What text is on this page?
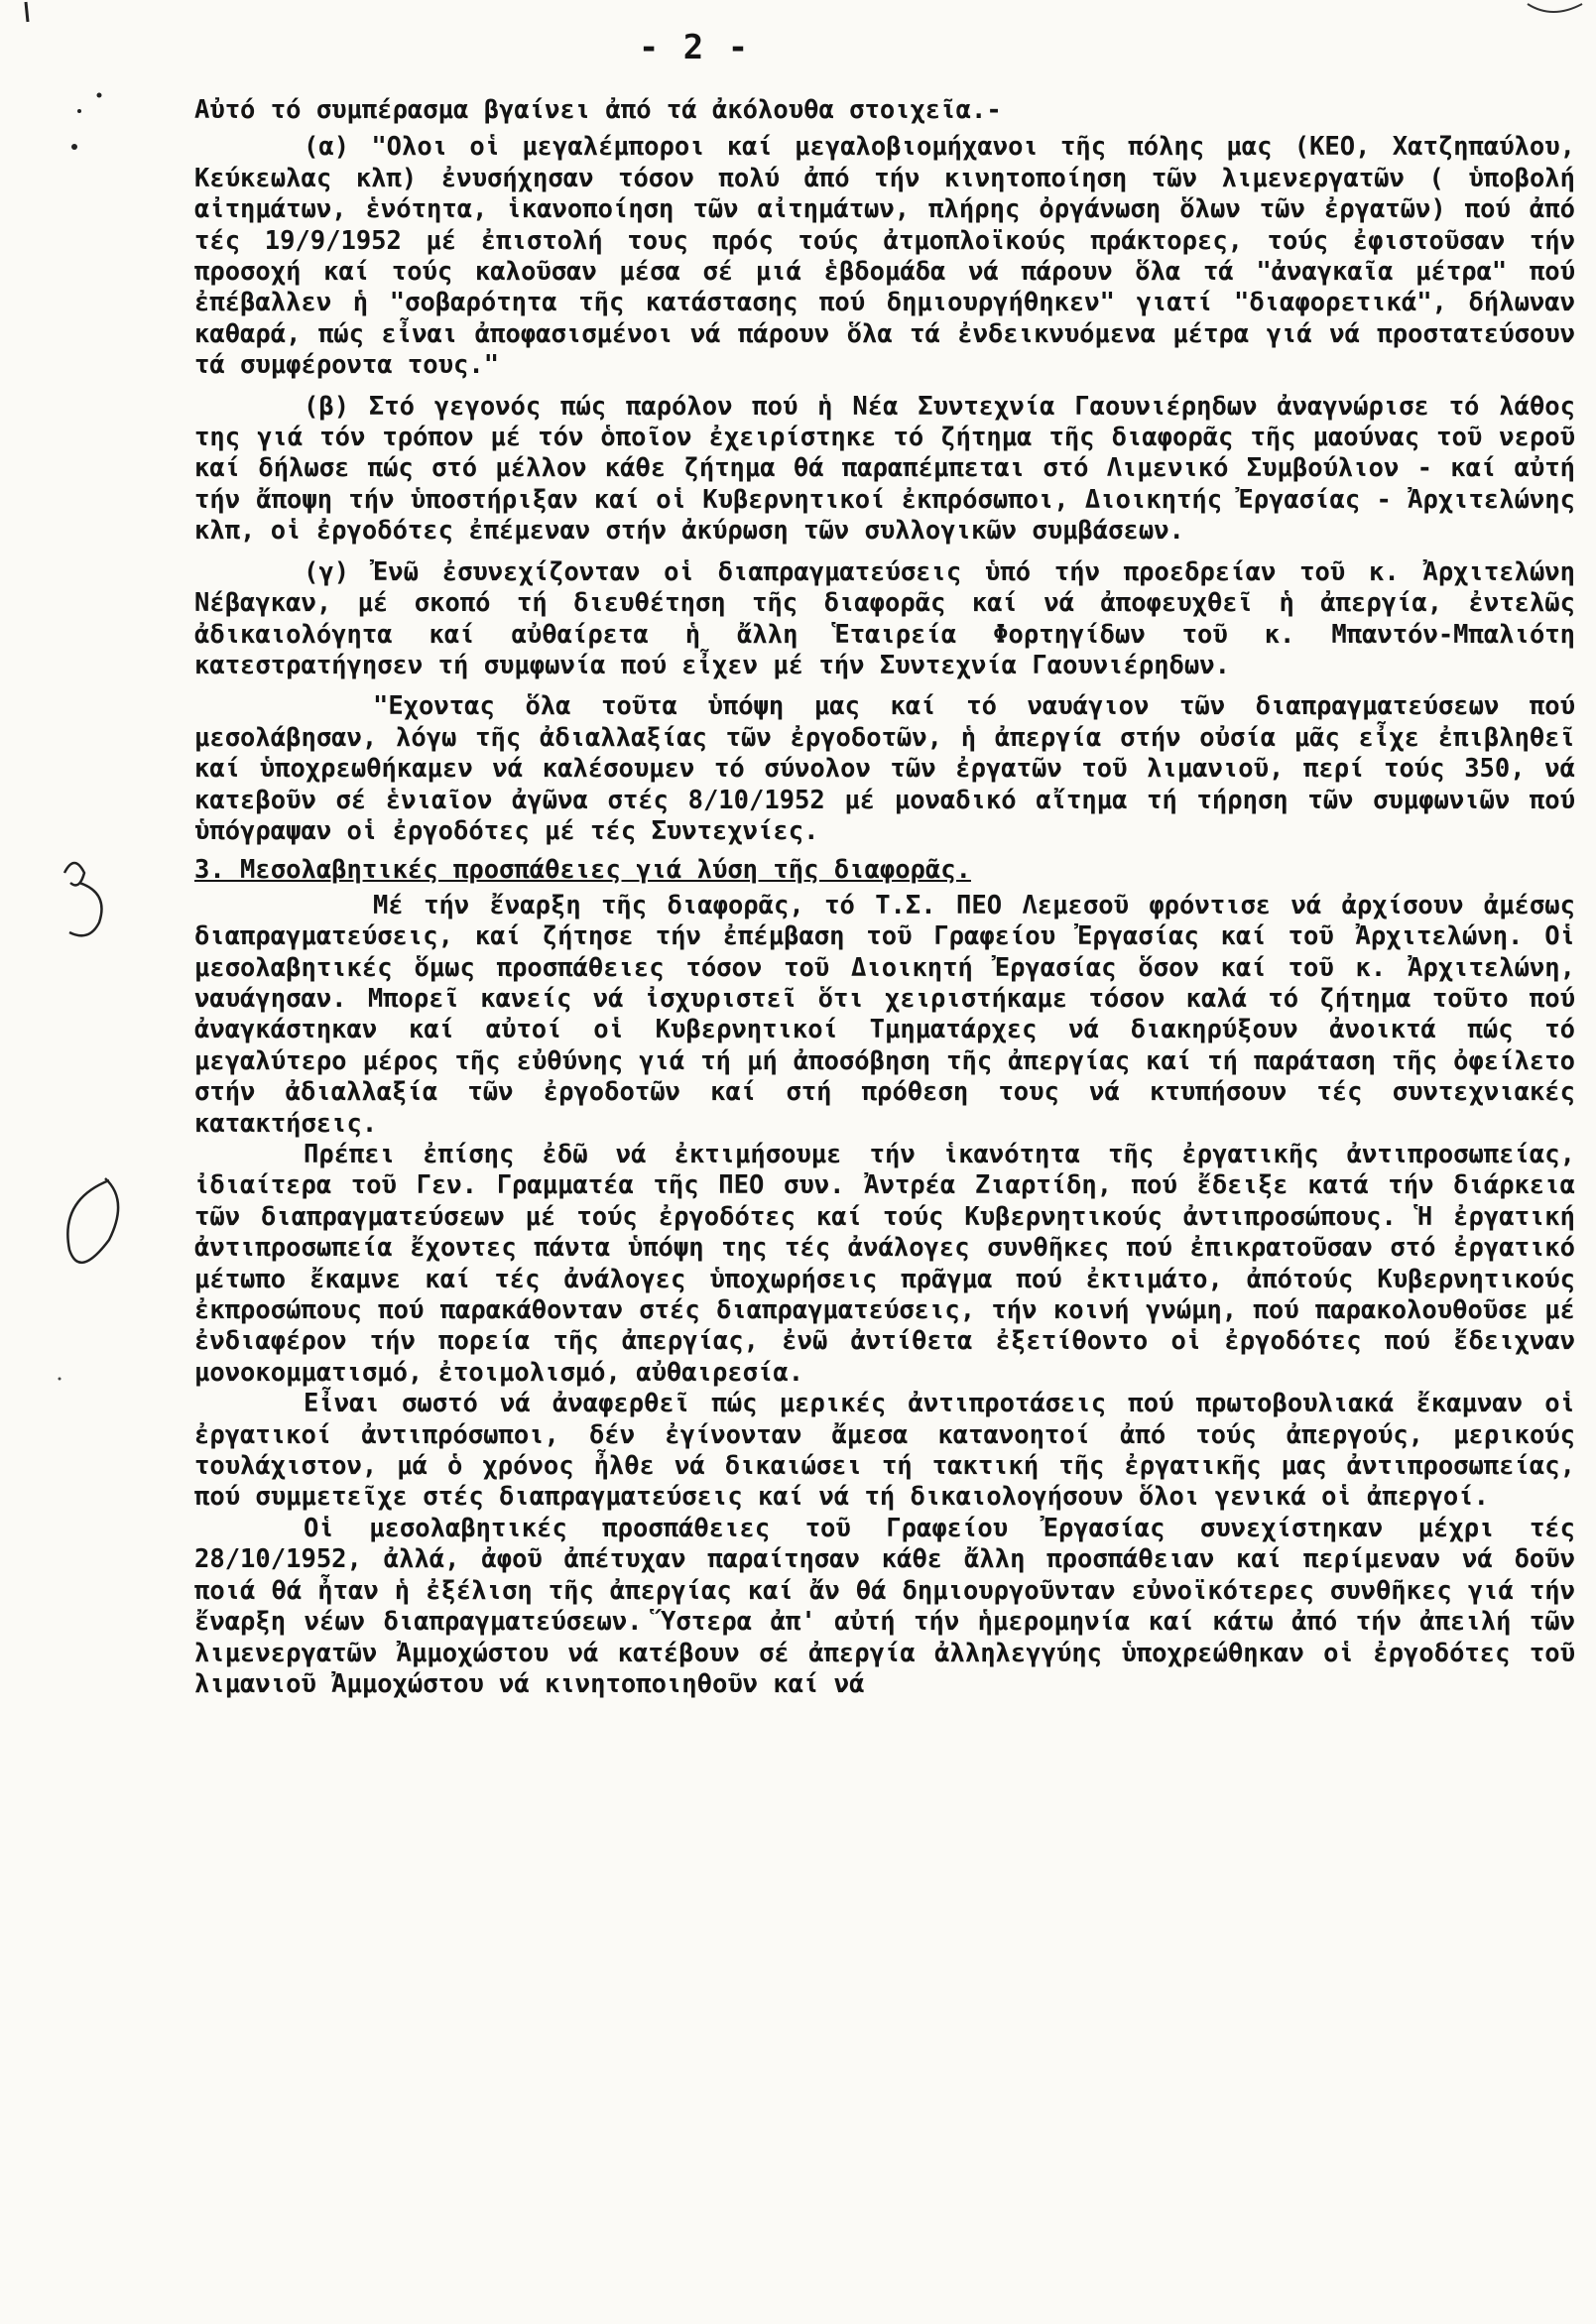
- 2 -

Αὐτό τό συμπέρασμα βγαίνει ἀπό τά ἀκόλουθα στοιχεῖα.-

(α) "Ολοι οἱ μεγαλέμποροι καί μεγαλοβιομήχανοι τῆς πόλης μας (ΚΕΟ, Χατζηπαύλου, Κεύκεωλας κλπ) ἐνυσήχησαν τόσον πολύ ἀπό τήν κινητοποίηση τῶν λιμενεργατῶν ( ὑποβολή αἰτημάτων, ἑνότητα, ἱκανοποίηση τῶν αἰτημάτων, πλήρης ὀργάνωση ὅλων τῶν ἐργατῶν) πού ἀπό τές 19/9/1952 μέ ἐπιστολή τους πρός τούς ἀτμοπλοϊκούς πράκτορες, τούς ἐφιστοῦσαν τήν προσοχή καί τούς καλοῦσαν μέσα σέ μιά ἑβδομάδα νά πάρουν ὅλα τά "ἀναγκαῖα μέτρα" πού ἐπέβαλλεν ἡ "σοβαρότητα τῆς κατάστασης πού δημιουργήθηκεν" γιατί "διαφορετικά", δήλωναν καθαρά, πώς εἶναι ἀποφασισμένοι νά πάρουν ὅλα τά ἐνδεικνυόμενα μέτρα γιά νά προστατεύσουν τά συμφέροντα τους."

(β) Στό γεγονός πώς παρόλον πού ἡ Νέα Συντεχνία Γαουνιέρηδων ἀναγνώρισε τό λάθος της γιά τόν τρόπον μέ τόν ὁποῖον ἐχειρίστηκε τό ζήτημα τῆς διαφορᾶς τῆς μαούνας τοῦ νεροῦ καί δήλωσε πώς στό μέλλον κάθε ζήτημα θά παραπέμπεται στό Λιμενικό Συμβούλιον - καί αὐτή τήν ἄποψη τήν ὑποστήριξαν καί οἱ Κυβερνητικοί ἐκπρόσωποι, Διοικητής Ἐργασίας - Ἀρχιτελώνης κλπ, οἱ ἐργοδότες ἐπέμεναν στήν ἀκύρωση τῶν συλλογικῶν συμβάσεων.

(γ) Ἐνῶ ἐσυνεχίζονταν οἱ διαπραγματεύσεις ὑπό τήν προεδρείαν τοῦ κ. Ἀρχιτελώνη Νέβαγκαν, μέ σκοπό τή διευθέτηση τῆς διαφορᾶς καί νά ἀποφευχθεῖ ἡ ἀπεργία, ἐντελῶς ἀδικαιολόγητα καί αὐθαίρετα ἡ ἄλλη Ἑταιρεία Φορτηγίδων τοῦ κ. Μπαντόν-Μπαλιότη κατεστρατήγησεν τή συμφωνία πού εἶχεν μέ τήν Συντεχνία Γαουνιέρηδων.

"Εχοντας ὅλα τοῦτα ὑπόψη μας καί τό ναυάγιον τῶν διαπραγματεύσεων πού μεσολάβησαν, λόγω τῆς ἀδιαλλαξίας τῶν ἐργοδοτῶν, ἡ ἀπεργία στήν οὐσία μᾶς εἶχε ἐπιβληθεῖ καί ὑποχρεωθήκαμεν νά καλέσουμεν τό σύνολον τῶν ἐργατῶν τοῦ λιμανιοῦ, περί τούς 350, νά κατεβοῦν σέ ἑνιαῖον ἀγῶνα στές 8/10/1952 μέ μοναδικό αἴτημα τή τήρηση τῶν συμφωνιῶν πού ὑπόγραψαν οἱ ἐργοδότες μέ τές Συντεχνίες.

3. Μεσολαβητικές προσπάθειες γιά λύση τῆς διαφορᾶς.

Μέ τήν ἔναρξη τῆς διαφορᾶς, τό Τ.Σ. ΠΕΟ Λεμεσοῦ φρόντισε νά ἀρχίσουν ἀμέσως διαπραγματεύσεις, καί ζήτησε τήν ἐπέμβαση τοῦ Γραφείου Ἐργασίας καί τοῦ Ἀρχιτελώνη. Οἱ μεσολαβητικές ὅμως προσπάθειες τόσον τοῦ Διοικητή Ἐργασίας ὅσον καί τοῦ κ. Ἀρχιτελώνη, ναυάγησαν. Μπορεῖ κανείς νά ἰσχυριστεῖ ὅτι χειριστήκαμε τόσον καλά τό ζήτημα τοῦτο πού ἀναγκάστηκαν καί αὐτοί οἱ Κυβερνητικοί Τμηματάρχες νά διακηρύξουν ἀνοικτά πώς τό μεγαλύτερο μέρος τῆς εὐθύνης γιά τή μή ἀποσόβηση τῆς ἀπεργίας καί τή παράταση τῆς ὀφείλετο στήν ἀδιαλλαξία τῶν ἐργοδοτῶν καί στή πρόθεση τους νά κτυπήσουν τές συντεχνιακές κατακτήσεις.

Πρέπει ἐπίσης ἐδῶ νά ἐκτιμήσουμε τήν ἱκανότητα τῆς ἐργατικῆς ἀντιπροσωπείας, ἰδιαίτερα τοῦ Γεν. Γραμματέα τῆς ΠΕΟ συν. Ἀντρέα Ζιαρτίδη, πού ἔδειξε κατά τήν διάρκεια τῶν διαπραγματεύσεων μέ τούς ἐργοδότες καί τούς Κυβερνητικούς ἀντιπροσώπους. Ἡ ἐργατική ἀντιπροσωπεία ἔχοντες πάντα ὑπόψη της τές ἀνάλογες συνθῆκες πού ἐπικρατοῦσαν στό ἐργατικό μέτωπο ἔκαμνε καί τές ἀνάλογες ὑποχωρήσεις πρᾶγμα πού ἐκτιμάτο, ἀπότούς Κυβερνητικούς ἐκπροσώπους πού παρακάθονταν στές διαπραγματεύσεις, τήν κοινή γνώμη, πού παρακολουθοῦσε μέ ἐνδιαφέρον τήν πορεία τῆς ἀπεργίας, ἐνῶ ἀντίθετα ἐξετίθοντο οἱ ἐργοδότες πού ἔδειχναν μονοκομματισμό, ἐτοιμολισμό, αὐθαιρεσία.

Εἶναι σωστό νά ἀναφερθεῖ πώς μερικές ἀντιπροτάσεις πού πρωτοβουλιακά ἔκαμναν οἱ ἐργατικοί ἀντιπρόσωποι, δέν ἐγίνονταν ἄμεσα κατανοητοί ἀπό τούς ἀπεργούς, μερικούς τουλάχιστον, μά ὁ χρόνος ἦλθε νά δικαιώσει τή τακτική τῆς ἐργατικῆς μας ἀντιπροσωπείας, πού συμμετεῖχε στές διαπραγματεύσεις καί νά τή δικαιολογήσουν ὅλοι γενικά οἱ ἀπεργοί.

Οἱ μεσολαβητικές προσπάθειες τοῦ Γραφείου Ἐργασίας συνεχίστηκαν μέχρι τές 28/10/1952, ἀλλά, ἀφοῦ ἀπέτυχαν παραίτησαν κάθε ἄλλη προσπάθειαν καί περίμεναν νά δοῦν ποιά θά ἦταν ἡ ἐξέλιση τῆς ἀπεργίας καί ἄν θά δημιουργοῦνταν εὐνοϊκότερες συνθῆκες γιά τήν ἔναρξη νέων διαπραγματεύσεων. Ὕστερα ἀπ' αὐτή τήν ἡμερομηνία καί κάτω ἀπό τήν ἀπειλή τῶν λιμενεργατῶν Ἀμμοχώστου νά κατέβουν σέ ἀπεργία ἀλληλεγγύης ὑποχρεώθηκαν οἱ ἐργοδότες τοῦ λιμανιοῦ Ἀμμοχώστου νά κινητοποιηθοῦν καί νά
